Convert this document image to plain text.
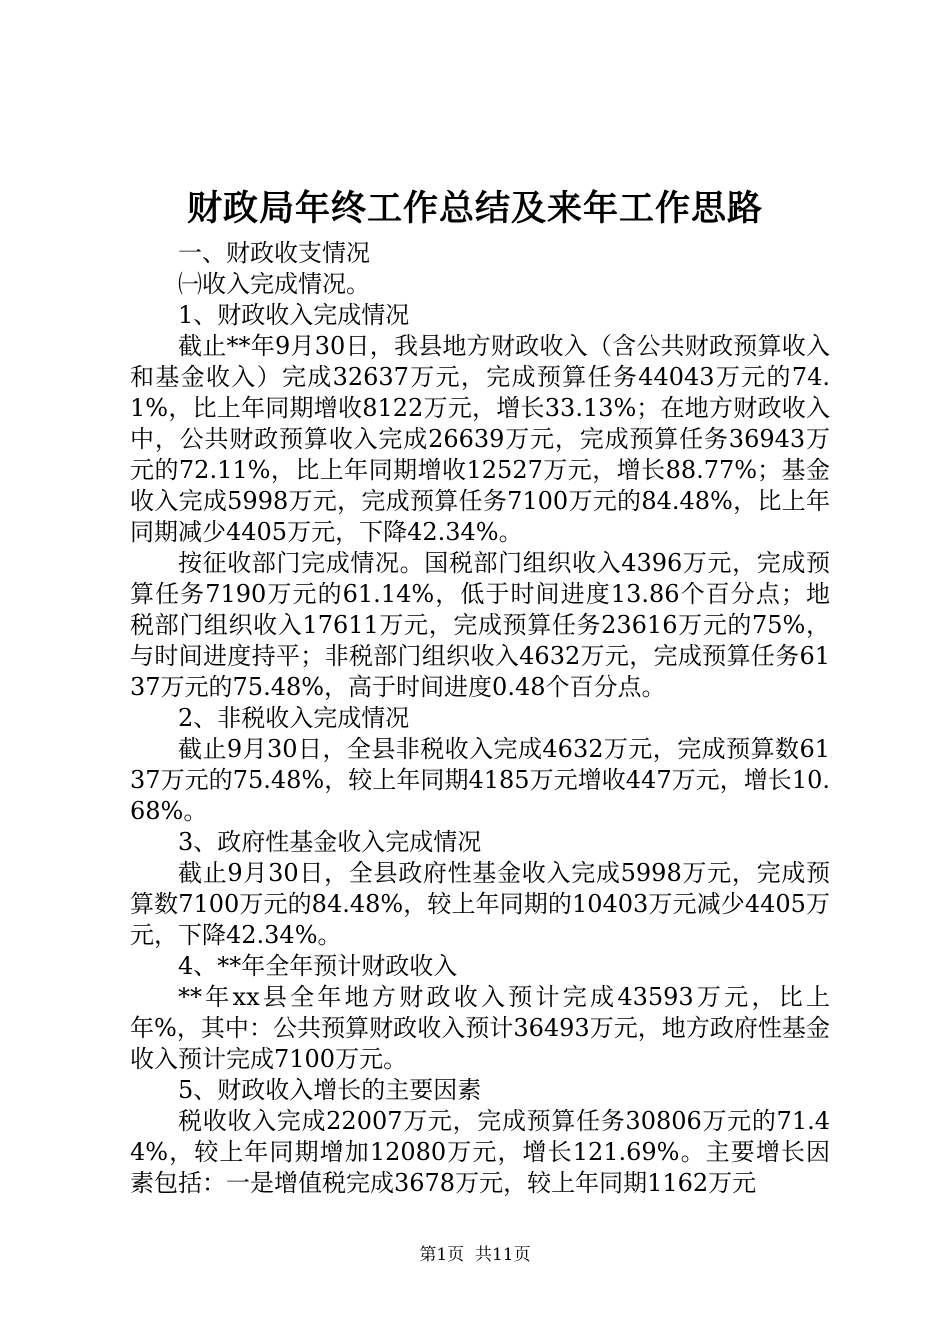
财政局年终工作总结及来年工作思路

一、财政收支情况

㈠收入完成情况。

1、财政收入完成情况

截止**年9月30日，我县地方财政收入（含公共财政预算收入和基金收入）完成32637万元，完成预算任务44043万元的74.1%，比上年同期增收8122万元，增长33.13%；在地方财政收入中，公共财政预算收入完成26639万元，完成预算任务36943万元的72.11%，比上年同期增收12527万元，增长88.77%；基金收入完成5998万元，完成预算任务7100万元的84.48%，比上年同期减少4405万元，下降42.34%。

按征收部门完成情况。国税部门组织收入4396万元，完成预算任务7190万元的61.14%，低于时间进度13.86个百分点；地税部门组织收入17611万元，完成预算任务23616万元的75%，与时间进度持平；非税部门组织收入4632万元，完成预算任务6137万元的75.48%，高于时间进度0.48个百分点。

2、非税收入完成情况

截止9月30日，全县非税收入完成4632万元，完成预算数6137万元的75.48%，较上年同期4185万元增收447万元，增长10.68%。

3、政府性基金收入完成情况

截止9月30日，全县政府性基金收入完成5998万元，完成预算数7100万元的84.48%，较上年同期的10403万元减少4405万元，下降42.34%。

4、**年全年预计财政收入

**年xx县全年地方财政收入预计完成43593万元，比上年%，其中：公共预算财政收入预计36493万元，地方政府性基金收入预计完成7100万元。

5、财政收入增长的主要因素

税收收入完成22007万元，完成预算任务30806万元的71.44%，较上年同期增加12080万元，增长121.69%。主要增长因素包括：一是增值税完成3678万元，较上年同期1162万元

第1页  共11页
